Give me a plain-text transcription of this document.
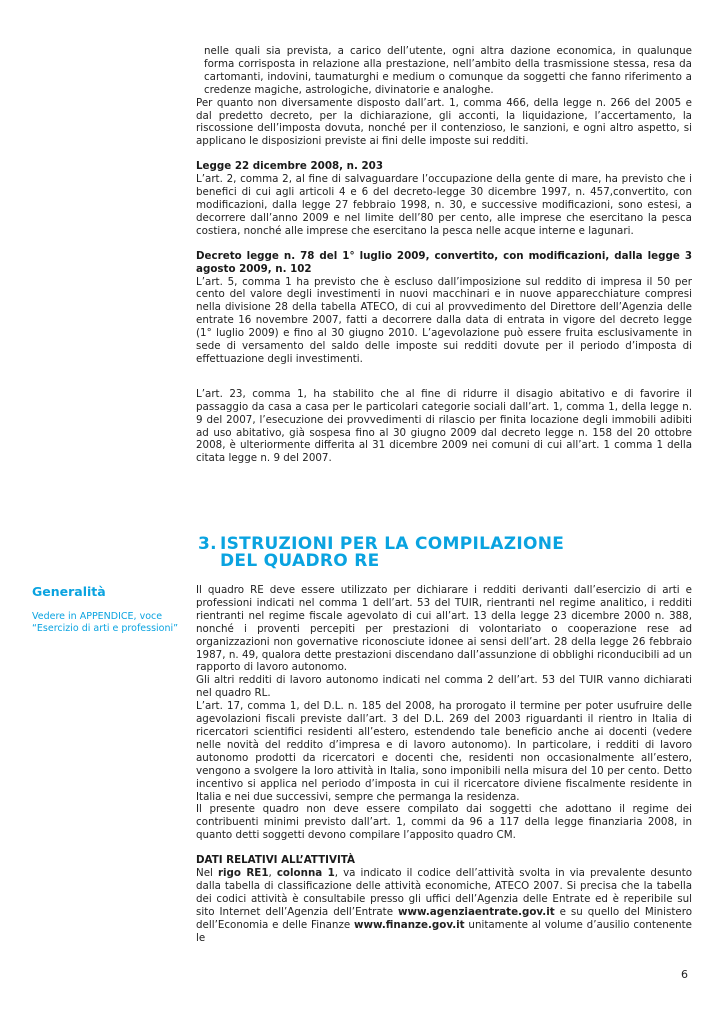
nelle quali sia prevista, a carico dell’utente, ogni altra dazione economica, in qualunque forma corrisposta in relazione alla prestazione, nell’ambito della trasmissione stessa, resa da cartomanti, indovini, taumaturghi e medium o comunque da soggetti che fanno riferimento a credenze magiche, astrologiche, divinatorie e analoghe.

Per quanto non diversamente disposto dall’art. 1, comma 466, della legge n. 266 del 2005 e dal predetto decreto, per la dichiarazione, gli acconti, la liquidazione, l’accertamento, la riscossione dell’imposta dovuta, nonché per il contenzioso, le sanzioni, e ogni altro aspetto, si applicano le disposizioni previste ai fini delle imposte sui redditi.

Legge 22 dicembre 2008, n. 203

L’art. 2, comma 2, al fine di salvaguardare l’occupazione della gente di mare, ha previsto che i benefici di cui agli articoli 4 e 6 del decreto-legge 30 dicembre 1997, n. 457,convertito, con modificazioni, dalla legge 27 febbraio 1998, n. 30, e successive modificazioni, sono estesi, a decorrere dall’anno 2009 e nel limite dell’80 per cento, alle imprese che esercitano la pesca costiera, nonché alle imprese che esercitano la pesca nelle acque interne e lagunari.

Decreto legge n. 78 del 1° luglio 2009, convertito, con modificazioni, dalla legge 3 agosto 2009, n. 102

L’art. 5, comma 1 ha previsto che è escluso dall’imposizione sul reddito di impresa il 50 per cento del valore degli investimenti in nuovi macchinari e in nuove apparecchiature compresi nella divisione 28 della tabella ATECO, di cui al provvedimento del Direttore dell’Agenzia delle entrate 16 novembre 2007, fatti a decorrere dalla data di entrata in vigore del decreto legge (1° luglio 2009) e fino al 30 giugno 2010. L’agevolazione può essere fruita esclusivamente in sede di versamento del saldo delle imposte sui redditi dovute per il periodo d’imposta di effettuazione degli investimenti.

L’art. 23, comma 1, ha stabilito che al fine di ridurre il disagio abitativo e di favorire il passaggio da casa a casa per le particolari categorie sociali dall’art. 1, comma 1, della legge n. 9 del 2007, l’esecuzione dei provvedimenti di rilascio per finita locazione degli immobili adibiti ad uso abitativo, già sospesa fino al 30 giugno 2009 dal decreto legge n. 158 del 20 ottobre 2008, è ulteriormente differita al 31 dicembre 2009 nei comuni di cui all’art. 1 comma 1 della citata legge n. 9 del 2007.

3. ISTRUZIONI PER LA COMPILAZIONE
DEL QUADRO RE

Generalità

Vedere in APPENDICE, voce “Esercizio di arti e professioni”

Il quadro RE deve essere utilizzato per dichiarare i redditi derivanti dall’esercizio di arti e professioni indicati nel comma 1 dell’art. 53 del TUIR, rientranti nel regime analitico, i redditi rientranti nel regime fiscale agevolato di cui all’art. 13 della legge 23 dicembre 2000 n. 388, nonché i proventi percepiti per prestazioni di volontariato o cooperazione rese ad organizzazioni non governative riconosciute idonee ai sensi dell’art. 28 della legge 26 febbraio 1987, n. 49, qualora dette prestazioni discendano dall’assunzione di obblighi riconducibili ad un rapporto di lavoro autonomo.

Gli altri redditi di lavoro autonomo indicati nel comma 2 dell’art. 53 del TUIR vanno dichiarati nel quadro RL.

L’art. 17, comma 1, del D.L. n. 185 del 2008, ha prorogato il termine per poter usufruire delle agevolazioni fiscali previste dall’art. 3 del D.L. 269 del 2003 riguardanti il rientro in Italia di ricercatori scientifici residenti all’estero, estendendo tale beneficio anche ai docenti (vedere nelle novità del reddito d’impresa e di lavoro autonomo). In particolare, i redditi di lavoro autonomo prodotti da ricercatori e docenti che, residenti non occasionalmente all’estero, vengono a svolgere la loro attività in Italia, sono imponibili nella misura del 10 per cento. Detto incentivo si applica nel periodo d’imposta in cui il ricercatore diviene fiscalmente residente in Italia e nei due successivi, sempre che permanga la residenza.

Il presente quadro non deve essere compilato dai soggetti che adottano il regime dei contribuenti minimi previsto dall’art. 1, commi da 96 a 117 della legge finanziaria 2008, in quanto detti soggetti devono compilare l’apposito quadro CM.

DATI RELATIVI ALL’ATTIVITÀ

Nel rigo RE1, colonna 1, va indicato il codice dell’attività svolta in via prevalente desunto dalla tabella di classificazione delle attività economiche, ATECO 2007. Si precisa che la tabella dei codici attività è consultabile presso gli uffici dell’Agenzia delle Entrate ed è reperibile sul sito Internet dell’Agenzia dell’Entrate www.agenziaentrate.gov.it e su quello del Ministero dell’Economia e delle Finanze www.finanze.gov.it unitamente al volume d’ausilio contenente le

6
